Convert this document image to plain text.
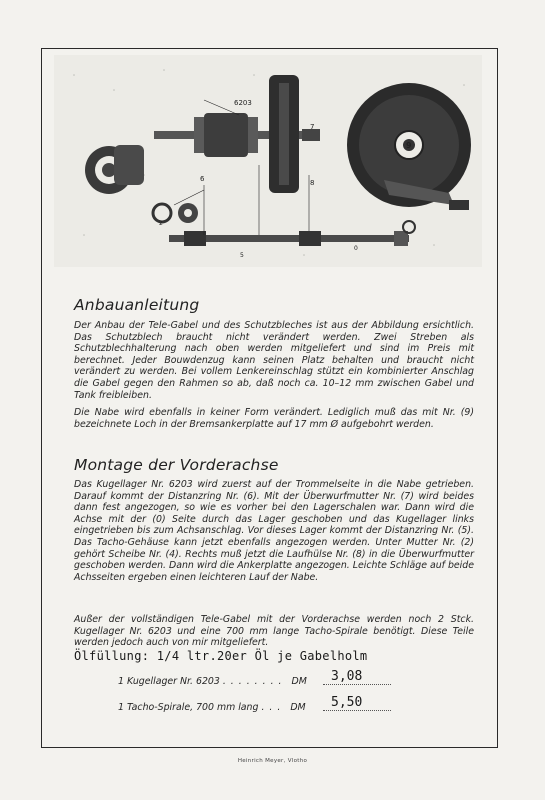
6203
7
9
6	8
4
2
5
0
Anbauanleitung

Der Anbau der Tele-Gabel und des Schutzbleches ist aus der Abbildung ersichtlich. Das Schutzblech braucht nicht verändert werden. Zwei Streben als Schutzblechhalterung nach oben werden mitgeliefert und sind im Preis mit berechnet. Jeder Bouwdenzug kann seinen Platz behalten und braucht nicht verändert zu werden. Bei vollem Lenkereinschlag stützt ein kombinierter Anschlag die Gabel gegen den Rahmen so ab, daß noch ca. 10–12 mm zwischen Gabel und Tank freibleiben.

Die Nabe wird ebenfalls in keiner Form verändert. Lediglich muß das mit Nr. (9) bezeichnete Loch in der Bremsankerplatte auf 17 mm Ø aufgebohrt werden.

Montage der Vorderachse

Das Kugellager Nr. 6203 wird zuerst auf der Trommelseite in die Nabe getrieben. Darauf kommt der Distanzring Nr. (6). Mit der Überwurfmutter Nr. (7) wird beides dann fest angezogen, so wie es vorher bei den Lagerschalen war. Dann wird die Achse mit der (0) Seite durch das Lager geschoben und das Kugellager links eingetrieben bis zum Achsanschlag. Vor dieses Lager kommt der Distanzring Nr. (5). Das Tacho-Gehäuse kann jetzt ebenfalls angezogen werden. Unter Mutter Nr. (2) gehört Scheibe Nr. (4). Rechts muß jetzt die Laufhülse Nr. (8) in die Überwurfmutter geschoben werden. Dann wird die Ankerplatte angezogen. Leichte Schläge auf beide Achsseiten ergeben einen leichteren Lauf der Nabe.

Außer der vollständigen Tele-Gabel mit der Vorderachse werden noch 2 Stck. Kugellager Nr. 6203 und eine 700 mm lange Tacho-Spirale benötigt. Diese Teile werden jedoch auch von mir mitgeliefert.

Ölfüllung: 1/4 ltr.20er Öl je Gabelholm
1 Kugellager Nr. 6203 . . . . . . . . DM	3,08
1 Tacho-Spirale, 700 mm lang . . . DM	5,50
Heinrich Meyer, Vlotho
